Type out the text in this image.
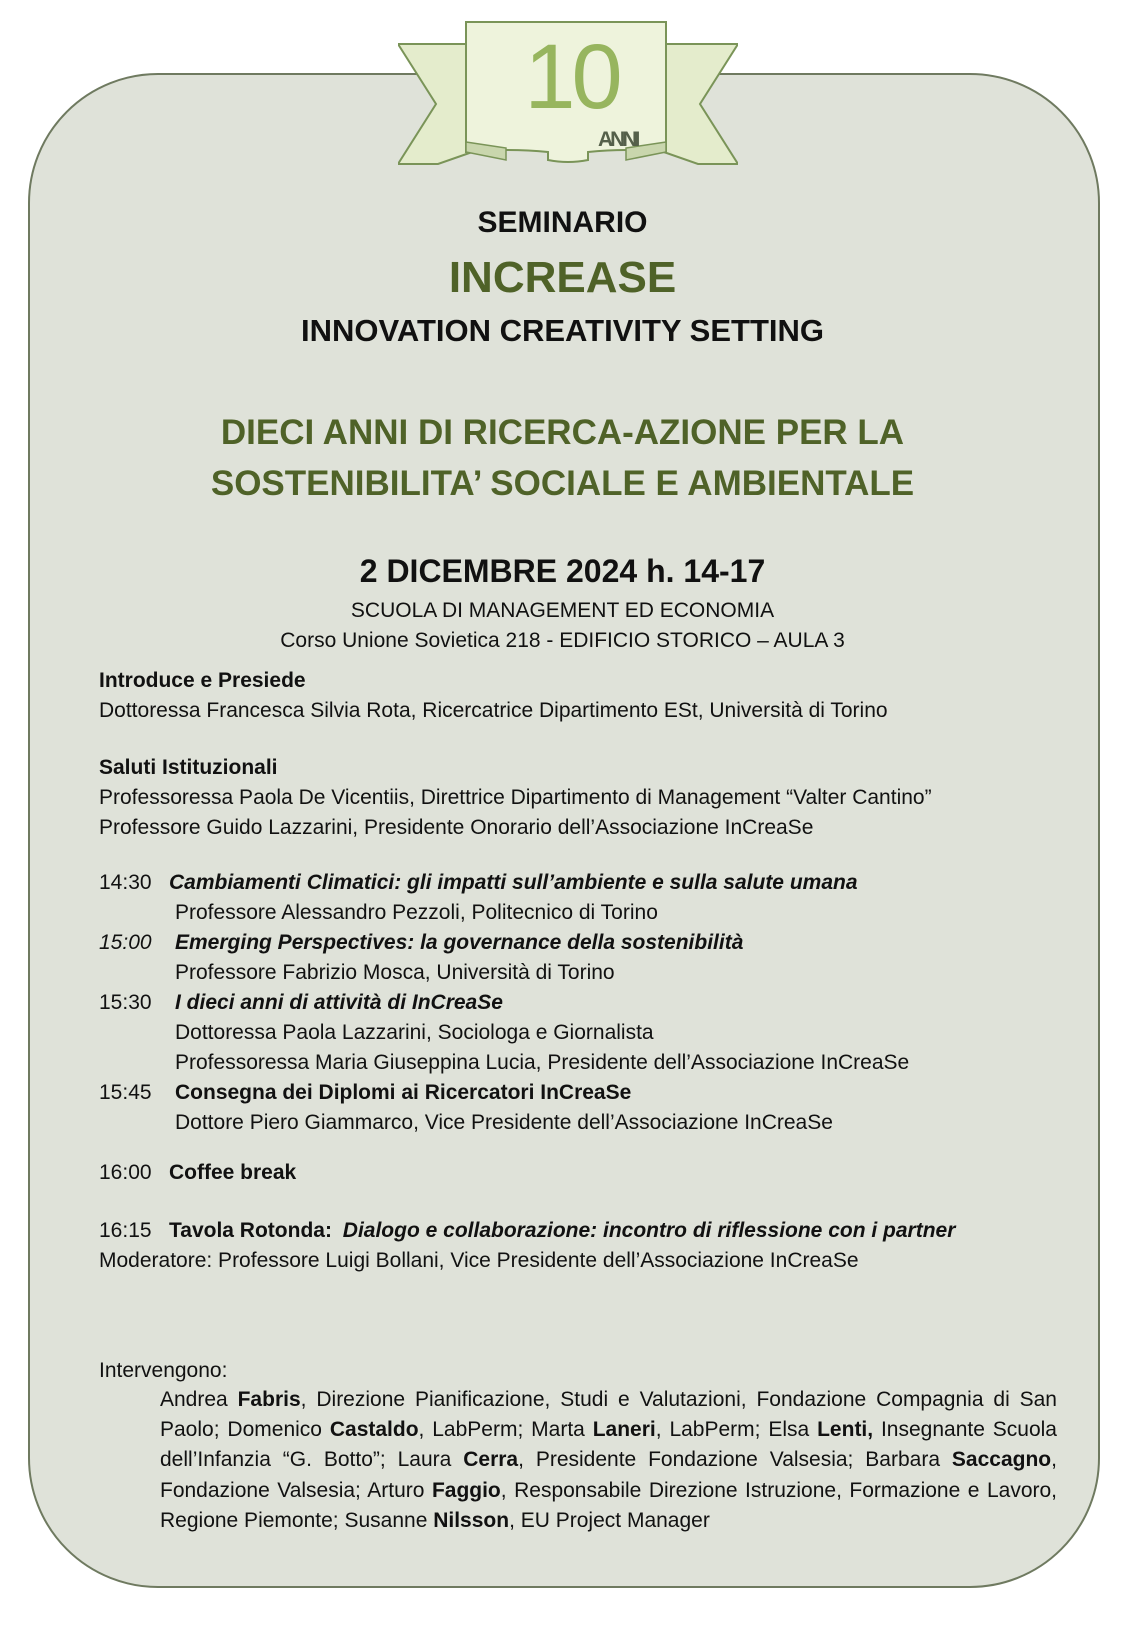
10
ANNI
SEMINARIO
INCREASE
INNOVATION CREATIVITY SETTING
DIECI ANNI DI RICERCA-AZIONE PER LA
SOSTENIBILITA’ SOCIALE E AMBIENTALE
2 DICEMBRE 2024 h. 14-17
SCUOLA DI MANAGEMENT ED ECONOMIA
Corso Unione Sovietica 218 - EDIFICIO STORICO – AULA 3
Introduce e Presiede
Dottoressa Francesca Silvia Rota, Ricercatrice Dipartimento ESt, Università di Torino
Saluti Istituzionali
Professoressa Paola De Vicentiis, Direttrice Dipartimento di Management “Valter Cantino”
Professore Guido Lazzarini, Presidente Onorario dell’Associazione InCreaSe
14:30 Cambiamenti Climatici: gli impatti sull’ambiente e sulla salute umana
Professore Alessandro Pezzoli, Politecnico di Torino
15:00 Emerging Perspectives: la governance della sostenibilità
Professore Fabrizio Mosca, Università di Torino
15:30 I dieci anni di attività di InCreaSe
Dottoressa Paola Lazzarini, Sociologa e Giornalista
Professoressa Maria Giuseppina Lucia, Presidente dell’Associazione InCreaSe
15:45 Consegna dei Diplomi ai Ricercatori InCreaSe
Dottore Piero Giammarco, Vice Presidente dell’Associazione InCreaSe
16:00 Coffee break
16:15 Tavola Rotonda: Dialogo e collaborazione: incontro di riflessione con i partner
Moderatore: Professore Luigi Bollani, Vice Presidente dell’Associazione InCreaSe
Intervengono:
Andrea Fabris, Direzione Pianificazione, Studi e Valutazioni, Fondazione Compagnia di San Paolo; Domenico Castaldo, LabPerm; Marta Laneri, LabPerm; Elsa Lenti, Insegnante Scuola dell’Infanzia “G. Botto”; Laura Cerra, Presidente Fondazione Valsesia; Barbara Saccagno, Fondazione Valsesia; Arturo Faggio, Responsabile Direzione Istruzione, Formazione e Lavoro, Regione Piemonte; Susanne Nilsson, EU Project Manager
